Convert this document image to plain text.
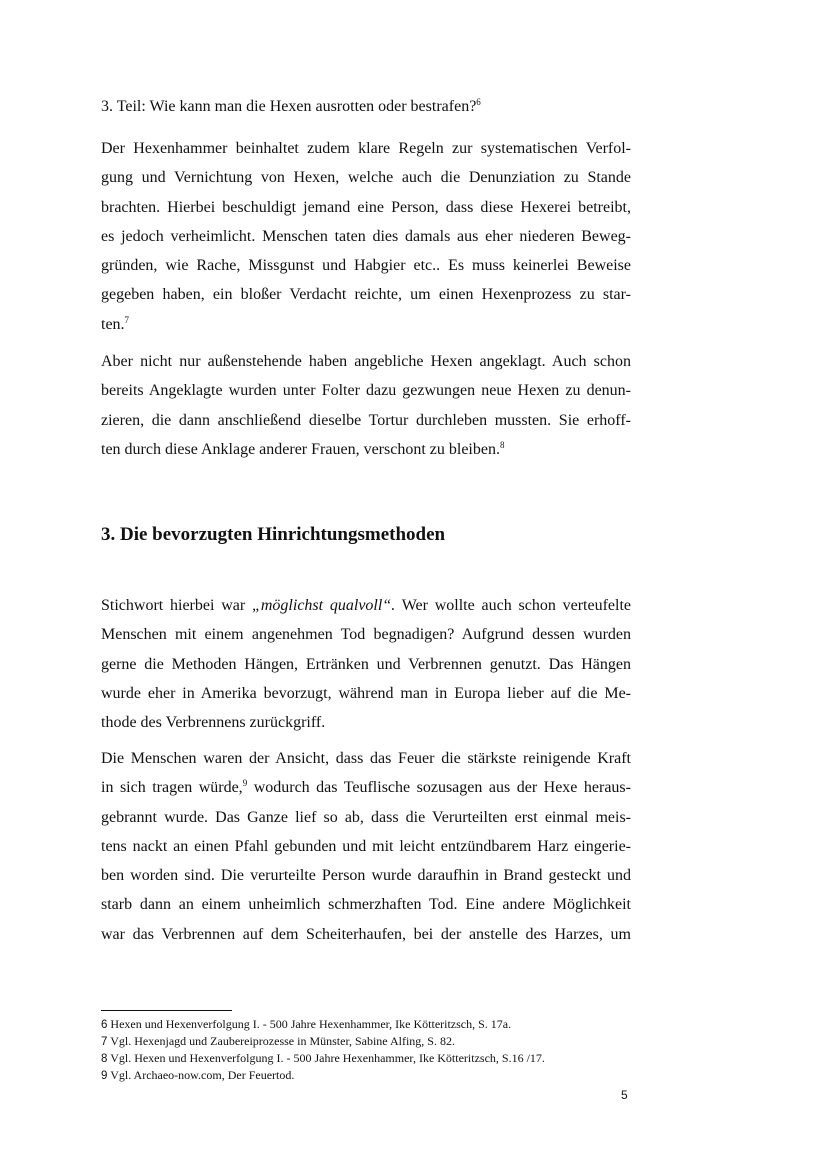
3. Teil: Wie kann man die Hexen ausrotten oder bestrafen?$^6$
Der Hexenhammer beinhaltet zudem klare Regeln zur systematischen Verfol-
gung und Vernichtung von Hexen, welche auch die Denunziation zu Stande
brachten. Hierbei beschuldigt jemand eine Person, dass diese Hexerei betreibt,
es jedoch verheimlicht. Menschen taten dies damals aus eher niederen Beweg-
gründen, wie Rache, Missgunst und Habgier etc.. Es muss keinerlei Beweise
gegeben haben, ein bloßer Verdacht reichte, um einen Hexenprozess zu star-
ten.$^7$
Aber nicht nur außenstehende haben angebliche Hexen angeklagt. Auch schon
bereits Angeklagte wurden unter Folter dazu gezwungen neue Hexen zu denun-
zieren, die dann anschließend dieselbe Tortur durchleben mussten. Sie erhoff-
ten durch diese Anklage anderer Frauen, verschont zu bleiben.$^8$
3. Die bevorzugten Hinrichtungsmethoden
Stichwort hierbei war „möglichst qualvoll“. Wer wollte auch schon verteufelte
Menschen mit einem angenehmen Tod begnadigen? Aufgrund dessen wurden
gerne die Methoden Hängen, Ertränken und Verbrennen genutzt. Das Hängen
wurde eher in Amerika bevorzugt, während man in Europa lieber auf die Me-
thode des Verbrennens zurückgriff.
Die Menschen waren der Ansicht, dass das Feuer die stärkste reinigende Kraft
in sich tragen würde,$^9$ wodurch das Teuflische sozusagen aus der Hexe heraus-
gebrannt wurde. Das Ganze lief so ab, dass die Verurteilten erst einmal meis-
tens nackt an einen Pfahl gebunden und mit leicht entzündbarem Harz eingerie-
ben worden sind. Die verurteilte Person wurde daraufhin in Brand gesteckt und
starb dann an einem unheimlich schmerzhaften Tod. Eine andere Möglichkeit
war das Verbrennen auf dem Scheiterhaufen, bei der anstelle des Harzes, um
6 Hexen und Hexenverfolgung I. - 500 Jahre Hexenhammer, Ike Kötteritzsch, S. 17a.
7 Vgl. Hexenjagd und Zaubereiprozesse in Münster, Sabine Alfing, S. 82.
8 Vgl. Hexen und Hexenverfolgung I. - 500 Jahre Hexenhammer, Ike Kötteritzsch, S.16 /17.
9 Vgl. Archaeo-now.com, Der Feuertod.
5
